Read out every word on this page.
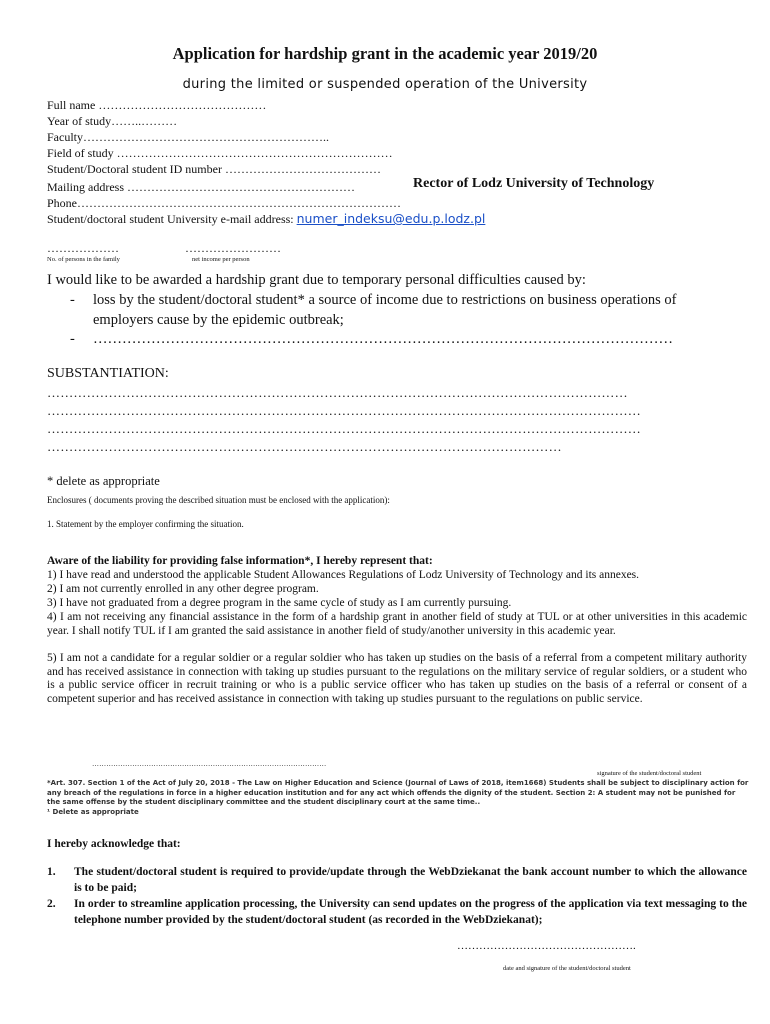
Application for hardship grant in the academic year 2019/20
during the limited or suspended operation of the University
Full name ……………………………………
Year of study……..………
Faculty……………………………………………………..
Field of study ……………………………………………………………
Student/Doctoral student ID number …………………………………
Mailing address …………………………………………………
Phone………………………………………………………………………
Student/doctoral student University e-mail address: numer_indeksu@edu.p.lodz.pl
Rector of Lodz University of Technology
………………	……………………
No. of persons in the family	net income per person
I would like to be awarded a hardship grant due to temporary personal difficulties caused by:
- loss by the student/doctoral student* a source of income due to restrictions on business operations of
employers cause by the epidemic outbreak;
- …………………………………………………………………………………………………………
SUBSTANTIATION:
……………………………………………………………………………………………………………………
………………………………………………………………………………………………………………………
………………………………………………………………………………………………………………………
………………………………………………………………………………………………………
* delete as appropriate
Enclosures ( documents proving the described situation must be enclosed with the application):
1. Statement by the employer confirming the situation.
Aware of the liability for providing false information*, I hereby represent that:
1) I have read and understood the applicable Student Allowances Regulations of Lodz University of Technology and its annexes.
2) I am not currently enrolled in any other degree program.
3) I have not graduated from a degree program in the same cycle of study as I am currently pursuing.
4) I am not receiving any financial assistance in the form of a hardship grant in another field of study at TUL or at other universities in this academic year. I shall notify TUL if I am granted the said assistance in another field of study/another university in this academic year.
5) I am not a candidate for a regular soldier or a regular soldier who has taken up studies on the basis of a referral from a competent military authority and has received assistance in connection with taking up studies pursuant to the regulations on the military service of regular soldiers, or a student who is a public service officer in recruit training or who is a public service officer who has taken up studies on the basis of a referral or consent of a competent superior and has received assistance in connection with taking up studies pursuant to the regulations on public service.
………………………………………………………………………………………
signature of the student/doctoral student
*Art. 307. Section 1 of the Act of July 20, 2018 - The Law on Higher Education and Science (Journal of Laws of 2018, item1668) Students shall be subject to disciplinary action for any breach of the regulations in force in a higher education institution and for any act which offends the dignity of the student. Section 2: A student may not be punished for the same offense by the student disciplinary committee and the student disciplinary court at the same time..
¹ Delete as appropriate
I hereby acknowledge that:
1.	The student/doctoral student is required to provide/update through the WebDziekanat the bank account number to which the allowance is to be paid;
2.	In order to streamline application processing, the University can send updates on the progress of the application via text messaging to the telephone number provided by the student/doctoral student (as recorded in the WebDziekanat);
………………………………………….
date and signature of the student/doctoral student
